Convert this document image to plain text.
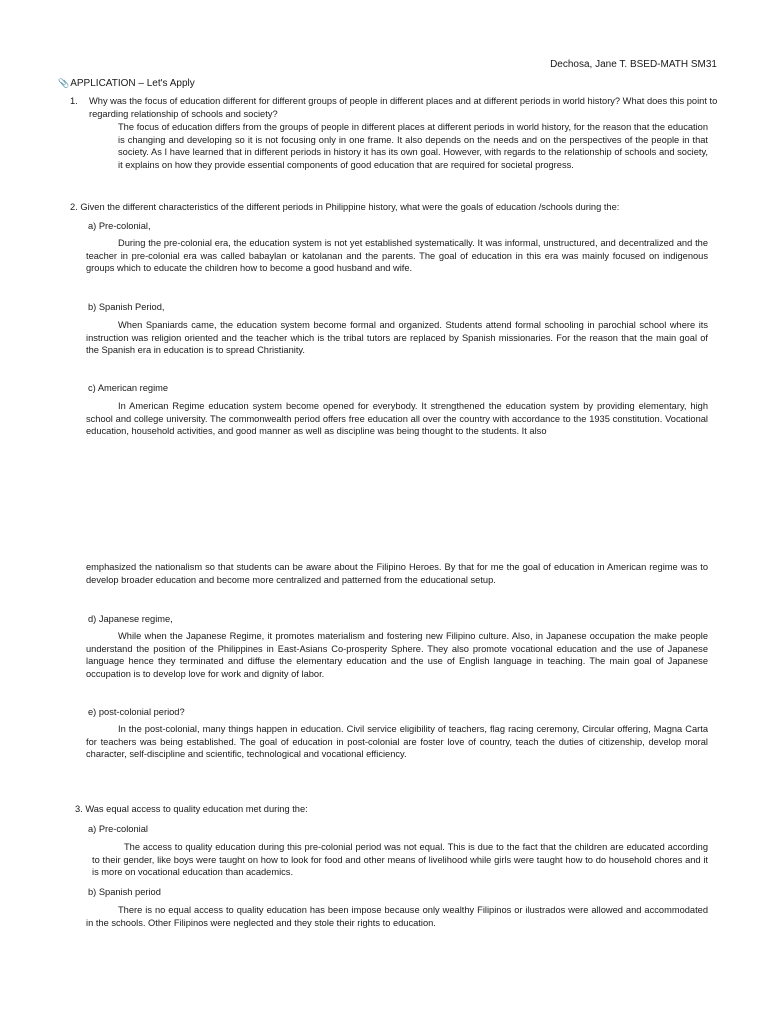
Dechosa, Jane T. BSED-MATH SM31
📎APPLICATION – Let's Apply
1.	Why was the focus of education different for different groups of people in different places and at different periods in world history? What does this point to regarding relationship of schools and society?

The focus of education differs from the groups of people in different places at different periods in world history, for the reason that the education is changing and developing so it is not focusing only in one frame. It also depends on the needs and on the perspectives of the people in that society. As I have learned that in different periods in history it has its own goal. However, with regards to the relationship of schools and society, it explains on how they provide essential components of good education that are required for societal progress.

2. Given the different characteristics of the different periods in Philippine history, what were the goals of education /schools during the:

a) Pre-colonial,

During the pre-colonial era, the education system is not yet established systematically. It was informal, unstructured, and decentralized and the teacher in pre-colonial era was called babaylan or katolanan and the parents. The goal of education in this era was mainly focused on indigenous groups which to educate the children how to become a good husband and wife.

b) Spanish Period,

When Spaniards came, the education system become formal and organized. Students attend formal schooling in parochial school where its instruction was religion oriented and the teacher which is the tribal tutors are replaced by Spanish missionaries. For the reason that the main goal of the Spanish era in education is to spread Christianity.

c) American regime

In American Regime education system become opened for everybody. It strengthened the education system by providing elementary, high school and college university. The commonwealth period offers free education all over the country with accordance to the 1935 constitution. Vocational education, household activities, and good manner as well as discipline was being thought to the students. It also

emphasized the nationalism so that students can be aware about the Filipino Heroes. By that for me the goal of education in American regime was to develop broader education and become more centralized and patterned from the educational setup.

d) Japanese regime,

While when the Japanese Regime, it promotes materialism and fostering new Filipino culture. Also, in Japanese occupation the make people understand the position of the Philippines in East-Asians Co-prosperity Sphere. They also promote vocational education and the use of Japanese language hence they terminated and diffuse the elementary education and the use of English language in teaching. The main goal of Japanese occupation is to develop love for work and dignity of labor.

e) post-colonial period?

In the post-colonial, many things happen in education. Civil service eligibility of teachers, flag racing ceremony, Circular offering, Magna Carta for teachers was being established. The goal of education in post-colonial are foster love of country, teach the duties of citizenship, develop moral character, self-discipline and scientific, technological and vocational efficiency.

3. Was equal access to quality education met during the:

a) Pre-colonial

The access to quality education during this pre-colonial period was not equal. This is due to the fact that the children are educated according to their gender, like boys were taught on how to look for food and other means of livelihood while girls were taught how to do household chores and it is more on vocational education than academics.

b) Spanish period

There is no equal access to quality education has been impose because only wealthy Filipinos or ilustrados were allowed and accommodated in the schools. Other Filipinos were neglected and they stole their rights to education.
